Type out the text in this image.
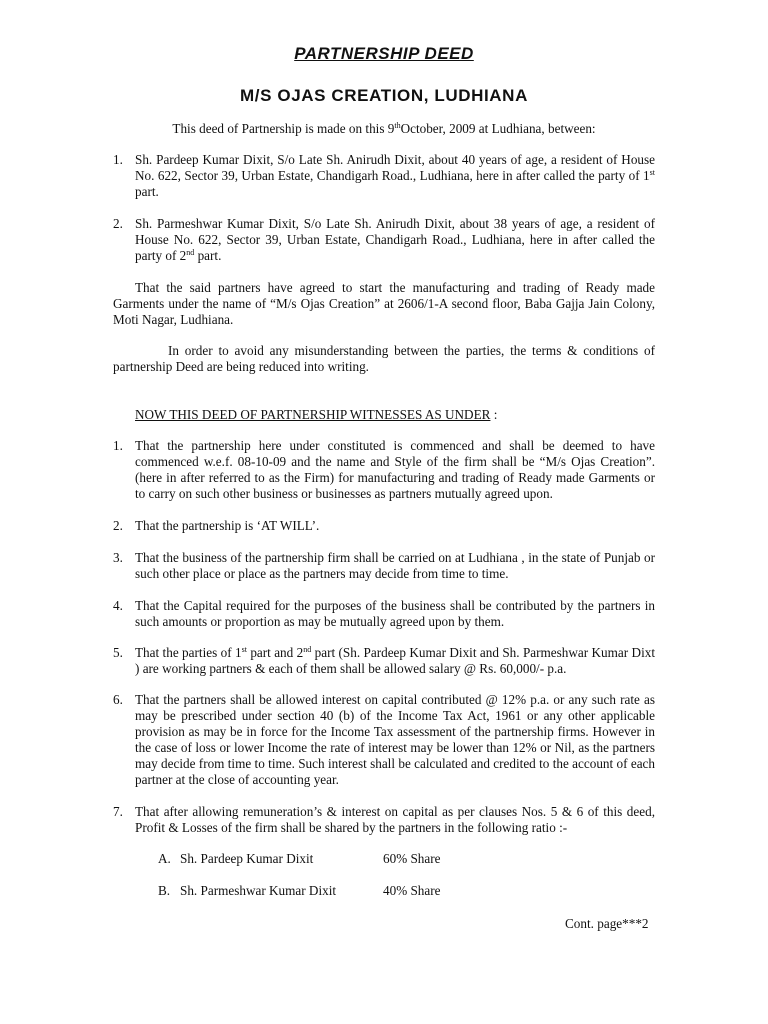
PARTNERSHIP DEED
M/S OJAS CREATION, LUDHIANA
This deed of Partnership is made on this 9thOctober, 2009 at Ludhiana, between:
1. Sh. Pardeep Kumar Dixit, S/o Late Sh. Anirudh Dixit, about 40 years of age, a resident of House No. 622, Sector 39, Urban Estate, Chandigarh Road., Ludhiana, here in after called the party of 1st part.
2. Sh. Parmeshwar Kumar Dixit, S/o Late Sh. Anirudh Dixit, about 38 years of age, a resident of House No. 622, Sector 39, Urban Estate, Chandigarh Road., Ludhiana, here in after called the party of 2nd part.
That the said partners have agreed to start the manufacturing and trading of Ready made Garments under the name of “M/s Ojas Creation” at 2606/1-A second floor, Baba Gajja Jain Colony, Moti Nagar, Ludhiana.
In order to avoid any misunderstanding between the parties, the terms & conditions of partnership Deed are being reduced into writing.
NOW THIS DEED OF PARTNERSHIP WITNESSES AS UNDER :
1. That the partnership here under constituted is commenced and shall be deemed to have commenced w.e.f. 08-10-09 and the name and Style of the firm shall be “M/s Ojas Creation”. (here in after referred to as the Firm) for manufacturing and trading of Ready made Garments or to carry on such other business or businesses as partners mutually agreed upon.
2. That the partnership is ‘AT WILL’.
3. That the business of the partnership firm shall be carried on at Ludhiana , in the state of Punjab or such other place or place as the partners may decide from time to time.
4. That the Capital required for the purposes of the business shall be contributed by the partners in such amounts or proportion as may be mutually agreed upon by them.
5. That the parties of 1st part and 2nd part (Sh. Pardeep Kumar Dixit and Sh. Parmeshwar Kumar Dixt ) are working partners & each of them shall be allowed salary @ Rs. 60,000/- p.a.
6. That the partners shall be allowed interest on capital contributed @ 12% p.a. or any such rate as may be prescribed under section 40 (b) of the Income Tax Act, 1961 or any other applicable provision as may be in force for the Income Tax assessment of the partnership firms. However in the case of loss or lower Income the rate of interest may be lower than 12% or Nil, as the partners may decide from time to time. Such interest shall be calculated and credited to the account of each partner at the close of accounting year.
7. That after allowing remuneration’s & interest on capital as per clauses Nos. 5 & 6 of this deed, Profit & Losses of the firm shall be shared by the partners in the following ratio :-
A. Sh. Pardeep Kumar Dixit	60% Share
B. Sh. Parmeshwar Kumar Dixit	40% Share
Cont. page***2
